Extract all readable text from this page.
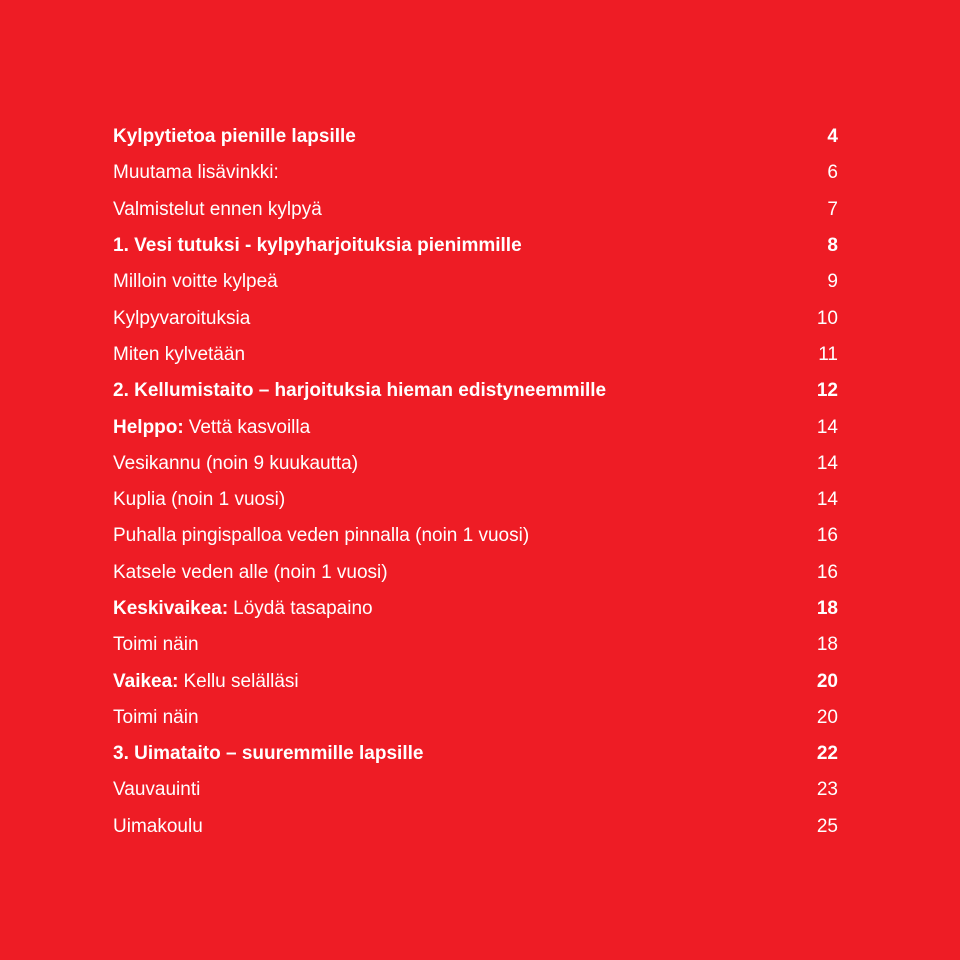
Kylpytietoa pienille lapsille	4
Muutama lisävinkki:	6
Valmistelut ennen kylpyä	7
1. Vesi tutuksi - kylpyharjoituksia pienimmille	8
Milloin voitte kylpeä	9
Kylpyvaroituksia	10
Miten kylvetään	11
2. Kellumistaito – harjoituksia hieman edistyneemmille	12
Helppo: Vettä kasvoilla	14
Vesikannu (noin 9 kuukautta)	14
Kuplia (noin 1 vuosi)	14
Puhalla pingispalloa veden pinnalla (noin 1 vuosi)	16
Katsele veden alle (noin 1 vuosi)	16
Keskivaikea: Löydä tasapaino	18
Toimi näin	18
Vaikea: Kellu selälläsi	20
Toimi näin	20
3. Uimataito – suuremmille lapsille	22
Vauvauinti	23
Uimakoulu	25
